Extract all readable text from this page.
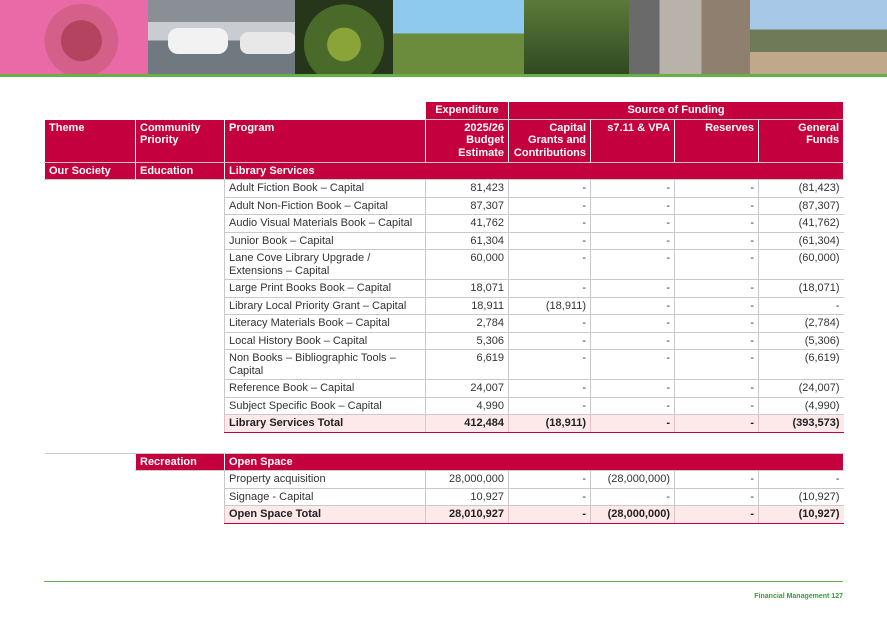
			Expenditure	Source of Funding			
Theme	Community Priority	Program	2025/26 Budget Estimate	Capital Grants and Contributions	s7.11 & VPA	Reserves	General Funds
Our Society	Education	Library Services					
		Adult Fiction Book – Capital	81,423	-	-	-	(81,423)
		Adult Non-Fiction Book – Capital	87,307	-	-	-	(87,307)
		Audio Visual Materials Book – Capital	41,762	-	-	-	(41,762)
		Junior Book – Capital	61,304	-	-	-	(61,304)
		Lane Cove Library Upgrade / Extensions – Capital	60,000	-	-	-	(60,000)
		Large Print Books Book – Capital	18,071	-	-	-	(18,071)
		Library Local Priority Grant – Capital	18,911	(18,911)	-	-	-
		Literacy Materials Book – Capital	2,784	-	-	-	(2,784)
		Local History Book – Capital	5,306	-	-	-	(5,306)
		Non Books – Bibliographic Tools – Capital	6,619	-	-	-	(6,619)
		Reference Book – Capital	24,007	-	-	-	(24,007)
		Subject Specific Book – Capital	4,990	-	-	-	(4,990)
		Library Services Total	412,484	(18,911)	-	-	(393,573)

	Recreation	Open Space					
		Property acquisition	28,000,000	-	(28,000,000)	-	-
		Signage - Capital	10,927	-	-	-	(10,927)
		Open Space Total	28,010,927	-	(28,000,000)	-	(10,927)
Financial Management 127
